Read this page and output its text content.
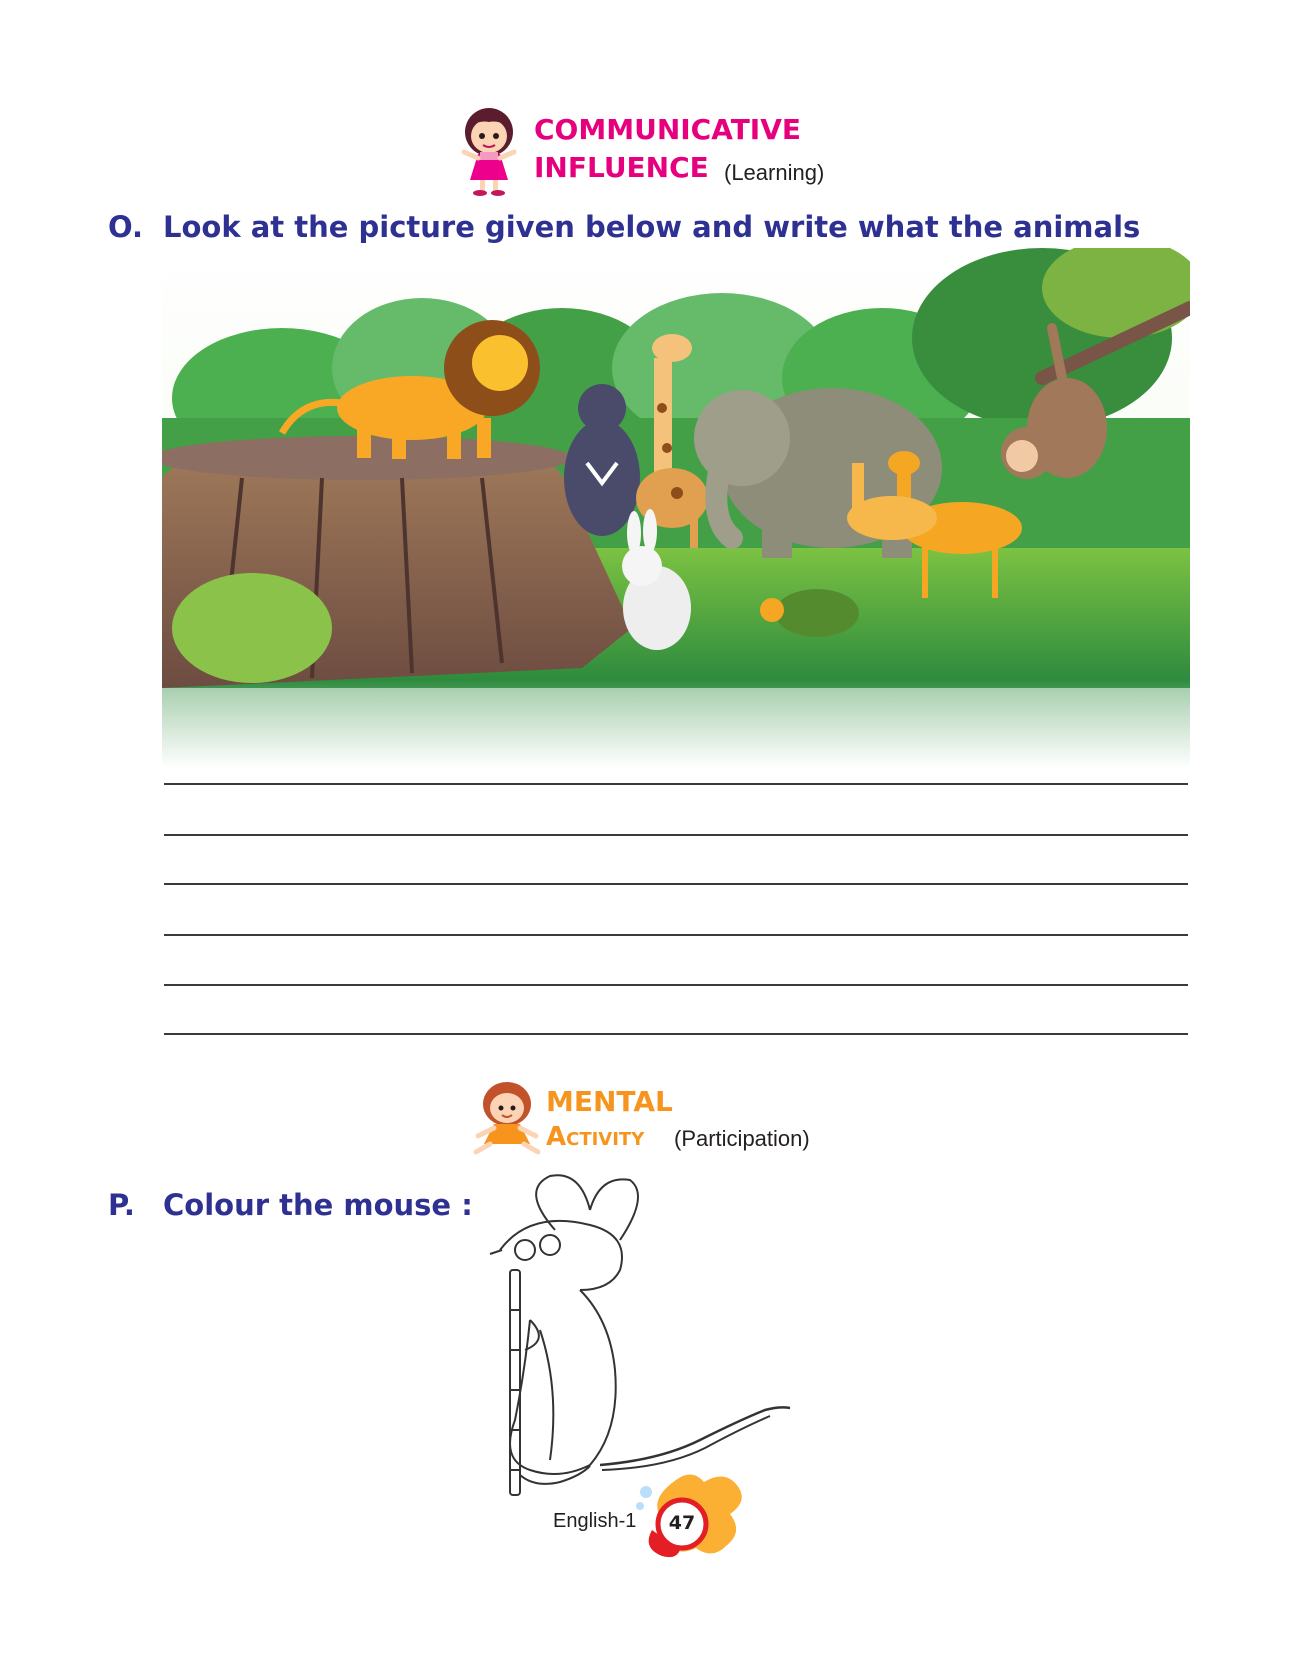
COMMUNICATIVE
INFLUENCE (Learning)
O. Look at the picture given below and write what the animals
MENTAL
Activity (Participation)
P. Colour the mouse :
English-1	47
